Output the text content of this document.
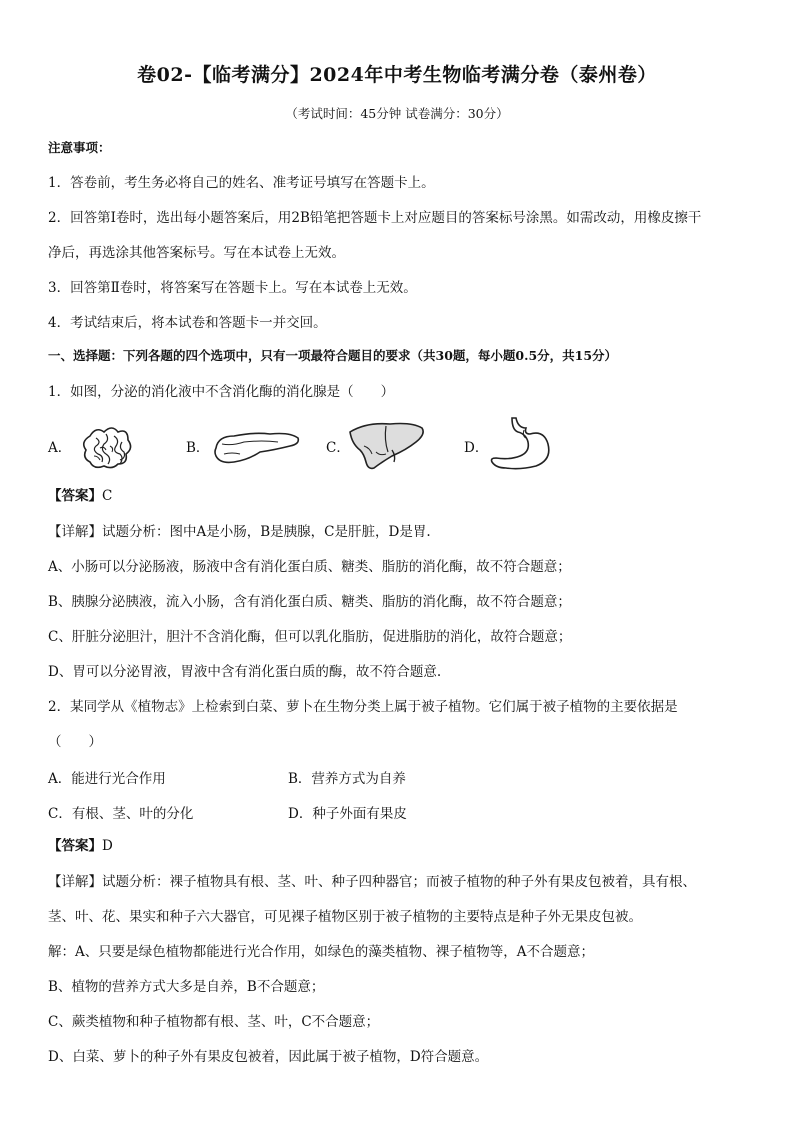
卷02-【临考满分】2024年中考生物临考满分卷（泰州卷）
（考试时间：45分钟 试卷满分：30分）
注意事项：
1．答卷前，考生务必将自己的姓名、准考证号填写在答题卡上。
2．回答第Ⅰ卷时，选出每小题答案后，用2B铅笔把答题卡上对应题目的答案标号涂黑。如需改动，用橡皮擦干
净后，再选涂其他答案标号。写在本试卷上无效。
3．回答第Ⅱ卷时，将答案写在答题卡上。写在本试卷上无效。
4．考试结束后，将本试卷和答题卡一并交回。
一、选择题：下列各题的四个选项中，只有一项最符合题目的要求（共30题，每小题0.5分，共15分）
1．如图，分泌的消化液中不含消化酶的消化腺是（　　）
A．	B．	C．	D．
【答案】C
【详解】试题分析：图中A是小肠，B是胰腺，C是肝脏，D是胃.
A、小肠可以分泌肠液，肠液中含有消化蛋白质、糖类、脂肪的消化酶，故不符合题意；
B、胰腺分泌胰液，流入小肠，含有消化蛋白质、糖类、脂肪的消化酶，故不符合题意；
C、肝脏分泌胆汁，胆汁不含消化酶，但可以乳化脂肪，促进脂肪的消化，故符合题意；
D、胃可以分泌胃液，胃液中含有消化蛋白质的酶，故不符合题意.
2．某同学从《植物志》上检索到白菜、萝卜在生物分类上属于被子植物。它们属于被子植物的主要依据是
（　　）
A．能进行光合作用	B．营养方式为自养
C．有根、茎、叶的分化	D．种子外面有果皮
【答案】D
【详解】试题分析：裸子植物具有根、茎、叶、种子四种器官；而被子植物的种子外有果皮包被着，具有根、
茎、叶、花、果实和种子六大器官，可见裸子植物区别于被子植物的主要特点是种子外无果皮包被。
解：A、只要是绿色植物都能进行光合作用，如绿色的藻类植物、裸子植物等，A不合题意；
B、植物的营养方式大多是自养，B不合题意；
C、蕨类植物和种子植物都有根、茎、叶，C不合题意；
D、白菜、萝卜的种子外有果皮包被着，因此属于被子植物，D符合题意。
